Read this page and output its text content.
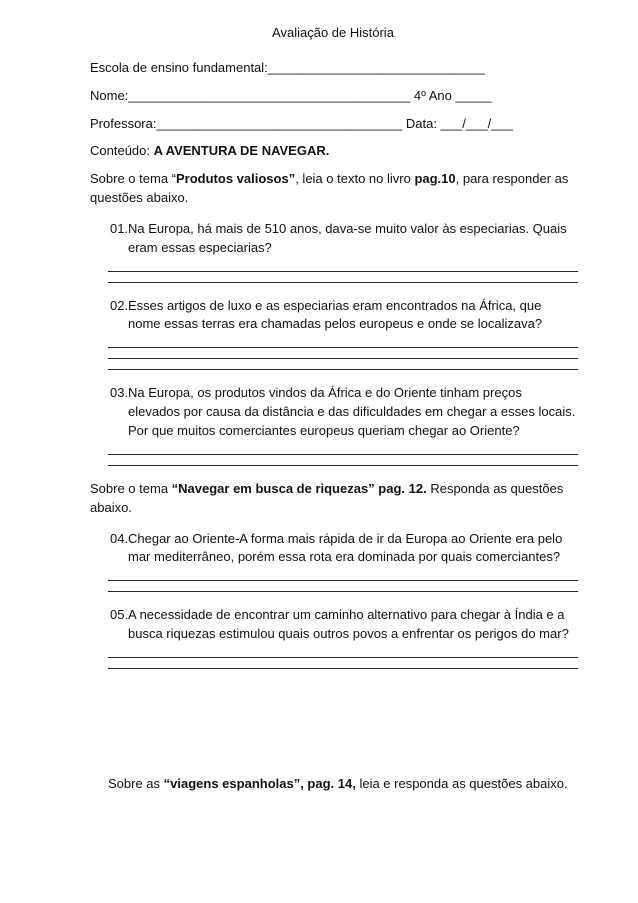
Avaliação de História
Escola de ensino fundamental:______________________________
Nome:_______________________________________ 4º Ano _____
Professora:__________________________________ Data: ___/___/___
Conteúdo: A AVENTURA DE NAVEGAR.
Sobre o tema “Produtos valiosos”, leia o texto no livro pag.10, para responder as questões abaixo.
01. Na Europa, há mais de 510 anos, dava-se muito valor às especiarias. Quais eram essas especiarias?
02. Esses artigos de luxo e as especiarias eram encontrados na África, que nome essas terras era chamadas pelos europeus e onde se localizava?
03. Na Europa, os produtos vindos da África e do Oriente tinham preços elevados por causa da distância e das dificuldades em chegar a esses locais. Por que muitos comerciantes europeus queriam chegar ao Oriente?
Sobre o tema “Navegar em busca de riquezas” pag. 12. Responda as questões abaixo.
04. Chegar ao Oriente-A forma mais rápida de ir da Europa ao Oriente era pelo mar mediterrâneo, porém essa rota era dominada por quais comerciantes?
05. A necessidade de encontrar um caminho alternativo para chegar à Índia e a busca riquezas estimulou quais outros povos a enfrentar os perigos do mar?
Sobre as “viagens espanholas”, pag. 14, leia e responda as questões abaixo.
